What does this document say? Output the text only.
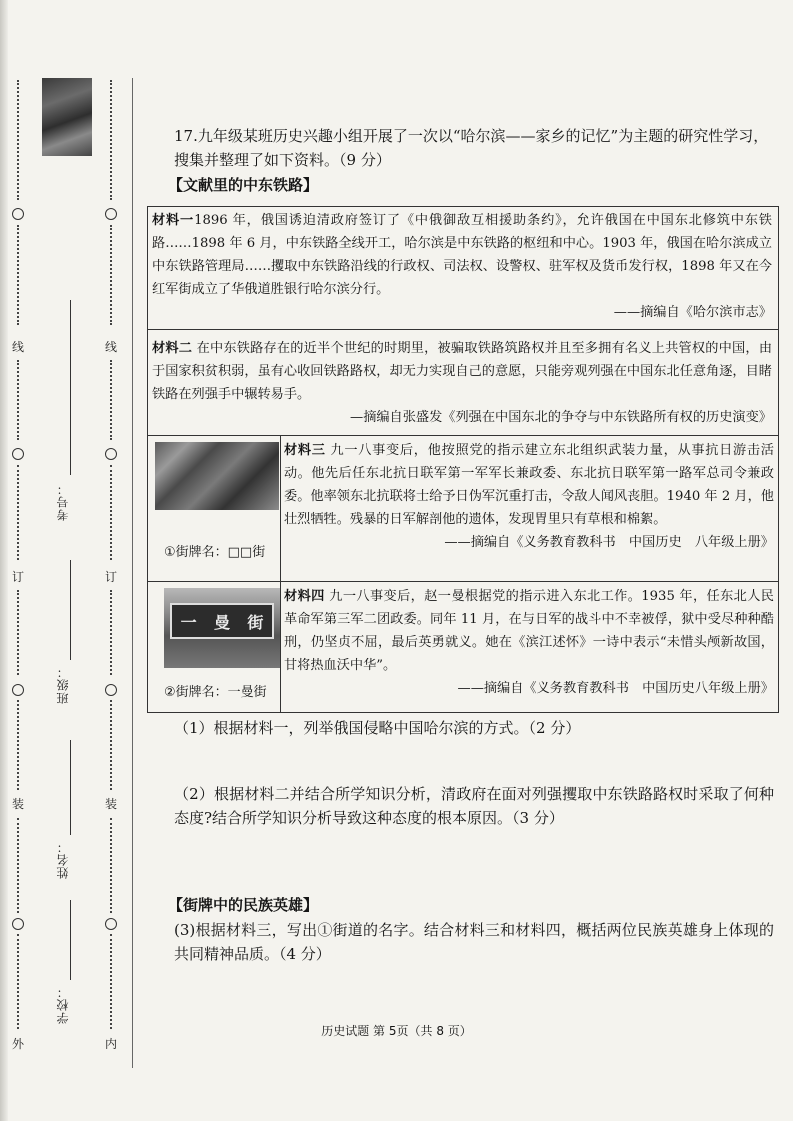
线
订
装
外
线
订
装
内
学校：
姓名：
班级：
考号：
17.九年级某班历史兴趣小组开展了一次以“哈尔滨——家乡的记忆”为主题的研究性学习，搜集并整理了如下资料。（9 分）
【文献里的中东铁路】
材料一1896 年，俄国诱迫清政府签订了《中俄御敌互相援助条约》，允许俄国在中国东北修筑中东铁路……1898 年 6 月，中东铁路全线开工，哈尔滨是中东铁路的枢纽和中心。1903 年，俄国在哈尔滨成立中东铁路管理局……攫取中东铁路沿线的行政权、司法权、设警权、驻军权及货币发行权，1898 年又在今红军街成立了华俄道胜银行哈尔滨分行。
——摘编自《哈尔滨市志》
材料二 在中东铁路存在的近半个世纪的时期里，被骗取铁路筑路权并且至多拥有名义上共管权的中国，由于国家积贫积弱，虽有心收回铁路路权，却无力实现自己的意愿，只能旁观列强在中国东北任意角逐，目睹铁路在列强手中辗转易手。
—摘编自张盛发《列强在中国东北的争夺与中东铁路所有权的历史演变》
①街牌名：□□街
材料三 九一八事变后，他按照党的指示建立东北组织武装力量，从事抗日游击活动。他先后任东北抗日联军第一军军长兼政委、东北抗日联军第一路军总司令兼政委。他率领东北抗联将士给予日伪军沉重打击，令敌人闻风丧胆。1940 年 2 月，他壮烈牺牲。残暴的日军解剖他的遗体，发现胃里只有草根和棉絮。
——摘编自《义务教育教科书　中国历史　八年级上册》
一 曼 街
②街牌名：一曼街
材料四 九一八事变后，赵一曼根据党的指示进入东北工作。1935 年，任东北人民革命军第三军二团政委。同年 11 月，在与日军的战斗中不幸被俘，狱中受尽种种酷刑，仍坚贞不屈，最后英勇就义。她在《滨江述怀》一诗中表示“未惜头颅新故国，甘将热血沃中华”。
——摘编自《义务教育教科书　中国历史八年级上册》
（1）根据材料一，列举俄国侵略中国哈尔滨的方式。（2 分）
（2）根据材料二并结合所学知识分析，清政府在面对列强攫取中东铁路路权时采取了何种态度?结合所学知识分析导致这种态度的根本原因。（3 分）
【街牌中的民族英雄】
(3)根据材料三，写出①街道的名字。结合材料三和材料四，概括两位民族英雄身上体现的共同精神品质。（4 分）
历史试题 第 5页（共 8 页）
